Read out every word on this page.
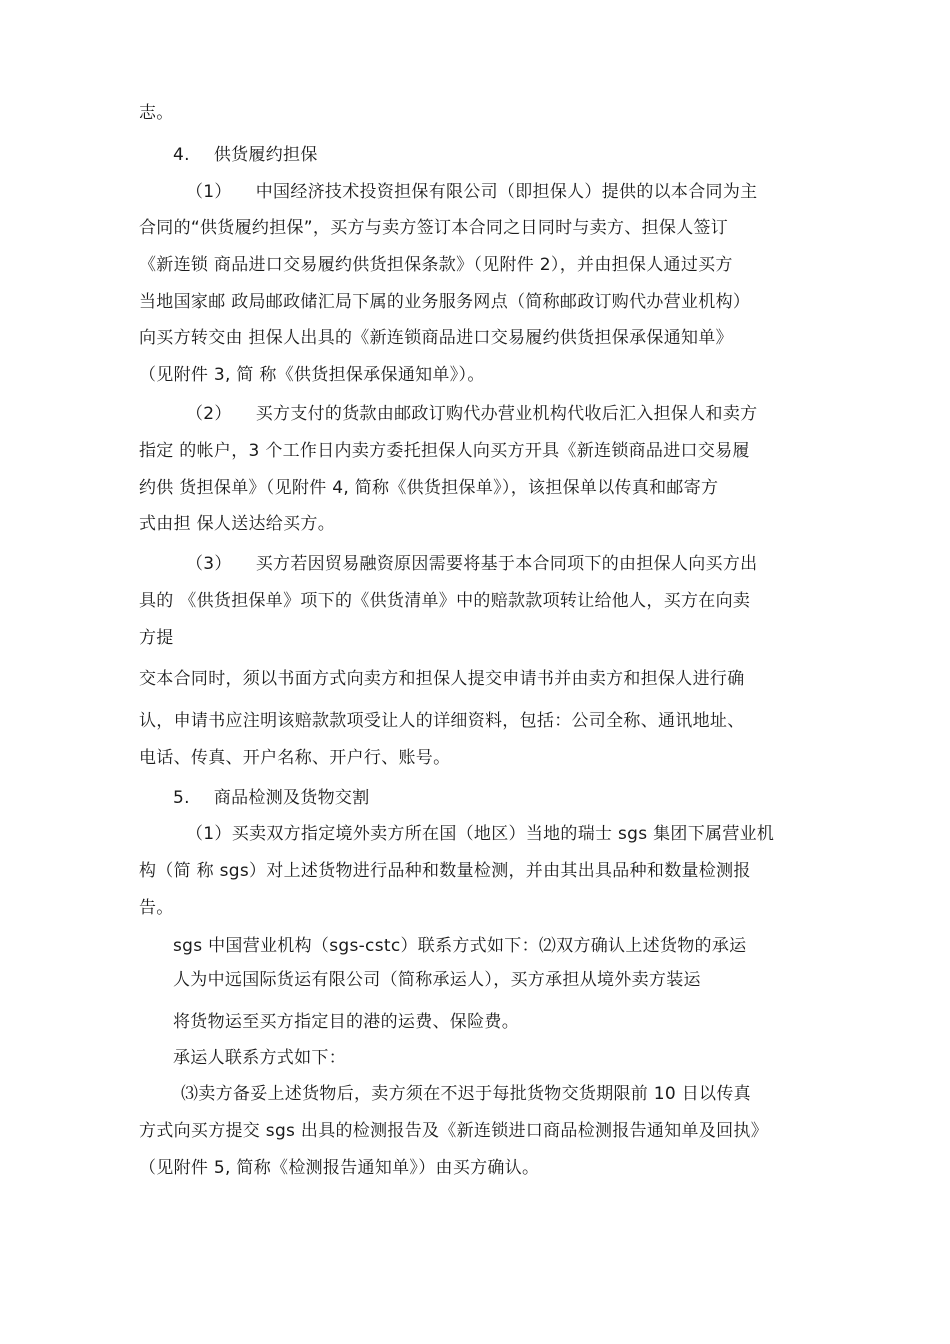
志。
4. 供货履约担保
（1） 中国经济技术投资担保有限公司（即担保人）提供的以本合同为主
合同的“供货履约担保”，买方与卖方签订本合同之日同时与卖方、担保人签订
《新连锁 商品进口交易履约供货担保条款》（见附件 2），并由担保人通过买方
当地国家邮 政局邮政储汇局下属的业务服务网点（简称邮政订购代办营业机构）
向买方转交由 担保人出具的《新连锁商品进口交易履约供货担保承保通知单》
（见附件 3, 简 称《供货担保承保通知单》）。
（2） 买方支付的货款由邮政订购代办营业机构代收后汇入担保人和卖方
指定 的帐户，3 个工作日内卖方委托担保人向买方开具《新连锁商品进口交易履
约供 货担保单》（见附件 4, 简称《供货担保单》），该担保单以传真和邮寄方
式由担 保人送达给买方。
（3） 买方若因贸易融资原因需要将基于本合同项下的由担保人向买方出
具的 《供货担保单》项下的《供货清单》中的赔款款项转让给他人，买方在向卖
方提
交本合同时，须以书面方式向卖方和担保人提交申请书并由卖方和担保人进行确
认，申请书应注明该赔款款项受让人的详细资料，包括：公司全称、通讯地址、
电话、传真、开户名称、开户行、账号。
5. 商品检测及货物交割
（1）买卖双方指定境外卖方所在国（地区）当地的瑞士 sgs 集团下属营业机
构（简 称 sgs）对上述货物进行品种和数量检测，并由其出具品种和数量检测报
告。
sgs 中国营业机构（sgs-cstc）联系方式如下：⑵双方确认上述货物的承运
人为中远国际货运有限公司（简称承运人），买方承担从境外卖方装运
将货物运至买方指定目的港的运费、保险费。
承运人联系方式如下：
⑶卖方备妥上述货物后，卖方须在不迟于每批货物交货期限前 10 日以传真
方式向买方提交 sgs 出具的检测报告及《新连锁进口商品检测报告通知单及回执》
（见附件 5, 简称《检测报告通知单》）由买方确认。
